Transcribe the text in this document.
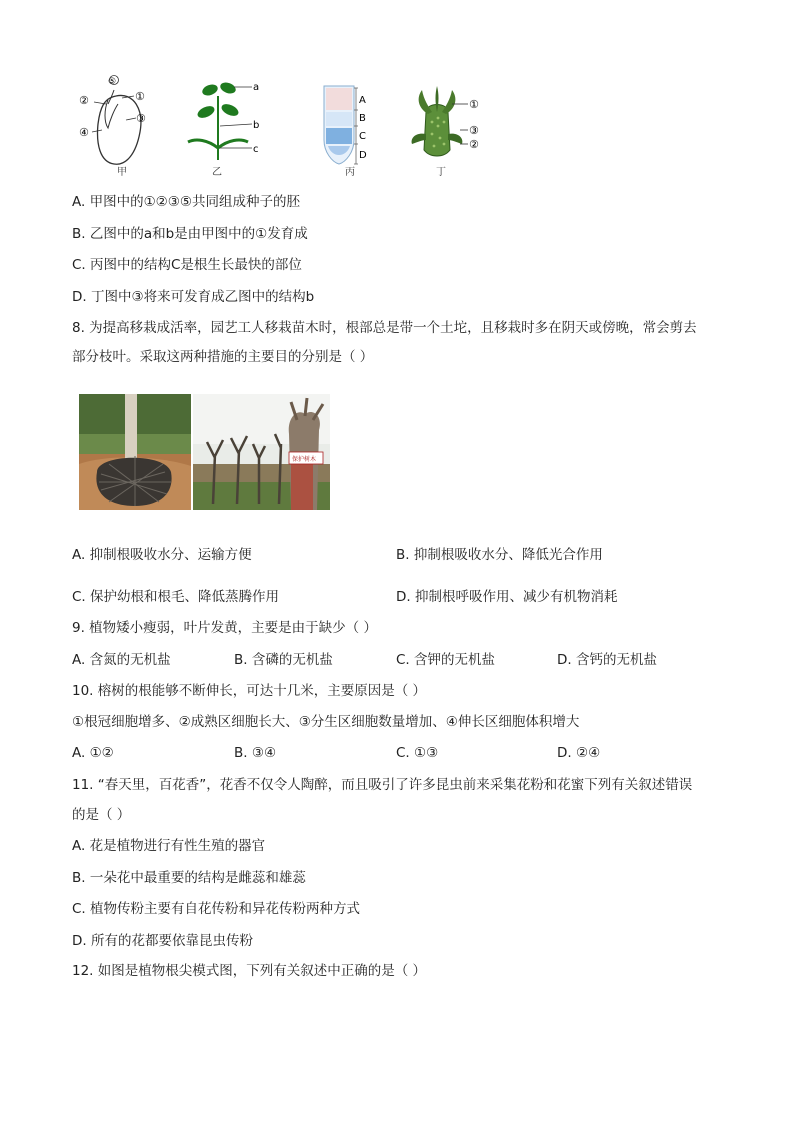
⑤
②	①
③
④
甲
a
b
c
乙
A
B
C
D
丙
①
③
②
丁
A. 甲图中的①②③⑤共同组成种子的胚
B. 乙图中的a和b是由甲图中的①发育成
C. 丙图中的结构C是根生长最快的部位
D. 丁图中③将来可发育成乙图中的结构b
8. 为提高移栽成活率，园艺工人移栽苗木时，根部总是带一个土坨，且移栽时多在阴天或傍晚，常会剪去
部分枝叶。采取这两种措施的主要目的分别是（ ）
保护树木
A. 抑制根吸收水分、运输方便	B. 抑制根吸收水分、降低光合作用
C. 保护幼根和根毛、降低蒸腾作用	D. 抑制根呼吸作用、减少有机物消耗
9. 植物矮小瘦弱，叶片发黄，主要是由于缺少（ ）
A. 含氮的无机盐	B. 含磷的无机盐	C. 含钾的无机盐	D. 含钙的无机盐
10. 榕树的根能够不断伸长，可达十几米，主要原因是（ ）
①根冠细胞增多、②成熟区细胞长大、③分生区细胞数量增加、④伸长区细胞体积增大
A. ①②	B. ③④	C. ①③	D. ②④
11. “春天里，百花香”，花香不仅令人陶醉，而且吸引了许多昆虫前来采集花粉和花蜜下列有关叙述错误
的是（ ）
A. 花是植物进行有性生殖的器官
B. 一朵花中最重要的结构是雌蕊和雄蕊
C. 植物传粉主要有自花传粉和异花传粉两种方式
D. 所有的花都要依靠昆虫传粉
12. 如图是植物根尖模式图，下列有关叙述中正确的是（ ）
